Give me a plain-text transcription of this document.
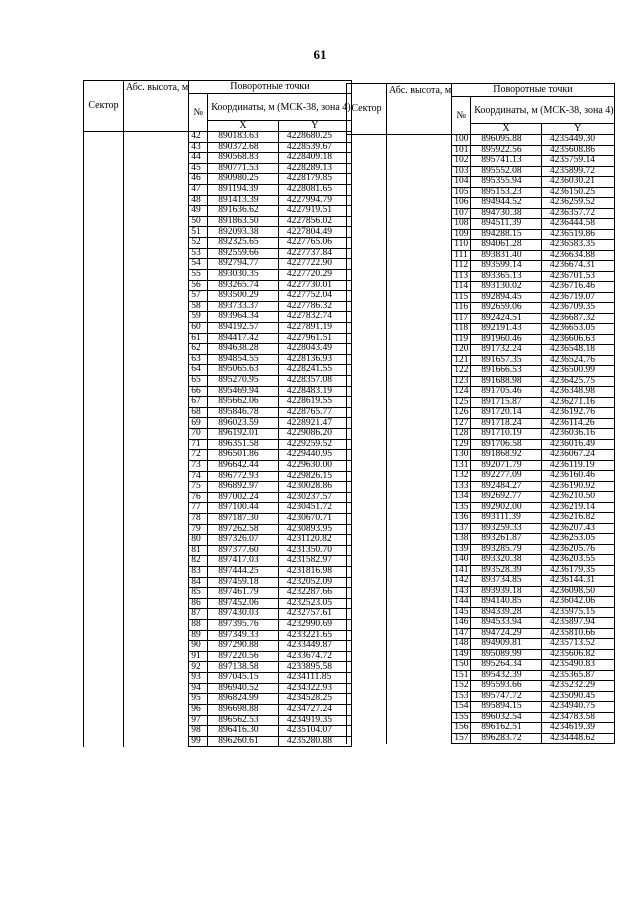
61
Сектор	Абс. высота, м	Поворотные точки		
		№	Координаты, м (МСК-38, зона 4)	
			X	Y
		42	890183.63	4228680.25
		43	890372.68	4228539.67
		44	890568.83	4228409.18
		45	890771.53	4228289.13
		46	890980.25	4228179.85
		47	891194.39	4228081.65
		48	891413.39	4227994.79
		49	891636.62	4227919.51
		50	891863.50	4227856.02
		51	892093.38	4227804.49
		52	892325.65	4227765.06
		53	892559.66	4227737.84
		54	892794.77	4227722.90
		55	893030.35	4227720.29
		56	893265.74	4227730.01
		57	893500.29	4227752.04
		58	893733.37	4227786.32
		59	893964.34	4227832.74
		60	894192.57	4227891.19
		61	894417.42	4227961.51
		62	894638.28	4228043.49
		63	894854.55	4228136.93
		64	895065.63	4228241.55
		65	895270.95	4228357.08
		66	895469.94	4228483.19
		67	895662.06	4228619.55
		68	895846.78	4228765.77
		69	896023.59	4228921.47
		70	896192.01	4229086.20
		71	896351.58	4229259.52
		72	896501.86	4229440.95
		73	896642.44	4229630.00
		74	896772.93	4229826.15
		75	896892.97	4230028.86
		76	897002.24	4230237.57
		77	897100.44	4230451.72
		78	897187.30	4230670.71
		79	897262.58	4230893.95
		80	897326.07	4231120.82
		81	897377.60	4231350.70
		82	897417.03	4231582.97
		83	897444.25	4231816.98
		84	897459.18	4232052.09
		85	897461.79	4232287.66
		86	897452.06	4232523.05
		87	897430.03	4232757.61
		88	897395.76	4232990.69
		89	897349.33	4233221.65
		90	897290.88	4233449.87
		91	897220.56	4233674.72
		92	897138.58	4233895.58
		93	897045.15	4234111.85
		94	896940.52	4234322.93
		95	896824.99	4234528.25
		96	896698.88	4234727.24
		97	896562.53	4234919.35
		98	896416.30	4235104.07
		99	896260.61	4235280.88
Сектор	Абс. высота, м	Поворотные точки		
		№	Координаты, м (МСК-38, зона 4)	
			X	Y
		100	896095.88	4235449.30
		101	895922.56	4235608.86
		102	895741.13	4235759.14
		103	895552.08	4235899.72
		104	895355.94	4236030.21
		105	895153.23	4236150.25
		106	894944.52	4236259.52
		107	894730.38	4236357.72
		108	894511.39	4236444.58
		109	894288.15	4236519.86
		110	894061.28	4236583.35
		111	893831.40	4236634.88
		112	893599.14	4236674.31
		113	893365.13	4236701.53
		114	893130.02	4236716.46
		115	892894.45	4236719.07
		116	892659.06	4236709.35
		117	892424.51	4236687.32
		118	892191.43	4236653.05
		119	891960.46	4236606.63
		120	891732.24	4236548.18
		121	891657.35	4236524.76
		122	891666.53	4236500.99
		123	891688.98	4236425.75
		124	891705.46	4236348.98
		125	891715.87	4236271.16
		126	891720.14	4236192.76
		127	891718.24	4236114.26
		128	891710.19	4236036.16
		129	891706.58	4236016.49
		130	891868.92	4236067.24
		131	892071.79	4236119.19
		132	892277.09	4236160.46
		133	892484.27	4236190.92
		134	892692.77	4236210.50
		135	892902.00	4236219.14
		136	893111.39	4236216.82
		137	893259.33	4236207.43
		138	893261.87	4236253.05
		139	893285.79	4236205.76
		140	893320.38	4236203.55
		141	893528.39	4236179.35
		142	893734.85	4236144.31
		143	893939.18	4236098.50
		144	894140.85	4236042.06
		145	894339.28	4235975.15
		146	894533.94	4235897.94
		147	894724.29	4235810.66
		148	894909.81	4235713.52
		149	895089.99	4235606.82
		150	895264.34	4235490.83
		151	895432.39	4235365.87
		152	895593.66	4235232.29
		153	895747.72	4235090.45
		154	895894.15	4234940.75
		155	896032.54	4234783.58
		156	896162.51	4234619.39
		157	896283.72	4234448.62
